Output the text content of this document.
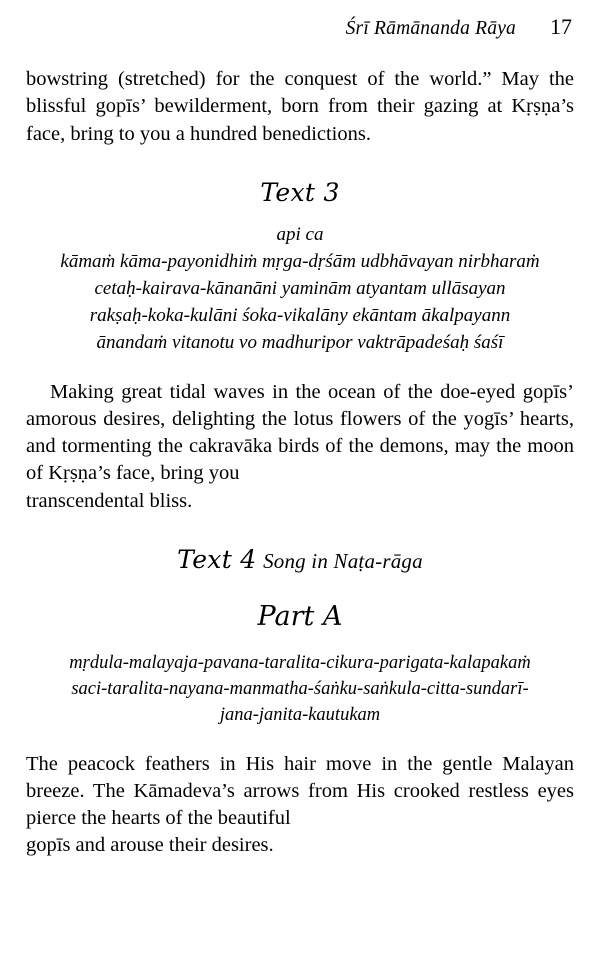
Śrī Rāmānanda Rāya 17

bowstring (stretched) for the conquest of the world.” May the blissful gopīs’ bewilderment, born from their gazing at Kṛṣṇa’s face, bring to you a hundred benedictions.

Text 3
api ca
kāmaṁ kāma-payonidhiṁ mṛga-dṛśām udbhāvayan nirbharaṁ
cetaḥ-kairava-kānanāni yaminām atyantam ullāsayan
rakṣaḥ-koka-kulāni śoka-vikalāny ekāntam ākalpayann
ānandaṁ vitanotu vo madhuripor vaktrāpadeśaḥ śaśī

Making great tidal waves in the ocean of the doe-eyed gopīs’ amorous desires, delighting the lotus flowers of the yogīs’ hearts, and tormenting the cakravāka birds of the demons, may the moon of Kṛṣṇa’s face, bring you

transcendental bliss.

Text 4 Song in Naṭa-rāga
Part A
mṛdula-malayaja-pavana-taralita-cikura-parigata-kalapakaṁ
saci-taralita-nayana-manmatha-śaṅku-saṅkula-citta-sundarī-
jana-janita-kautukam

The peacock feathers in His hair move in the gentle Malayan breeze. The Kāmadeva’s arrows from His crooked restless eyes pierce the hearts of the beautiful

gopīs and arouse their desires.
